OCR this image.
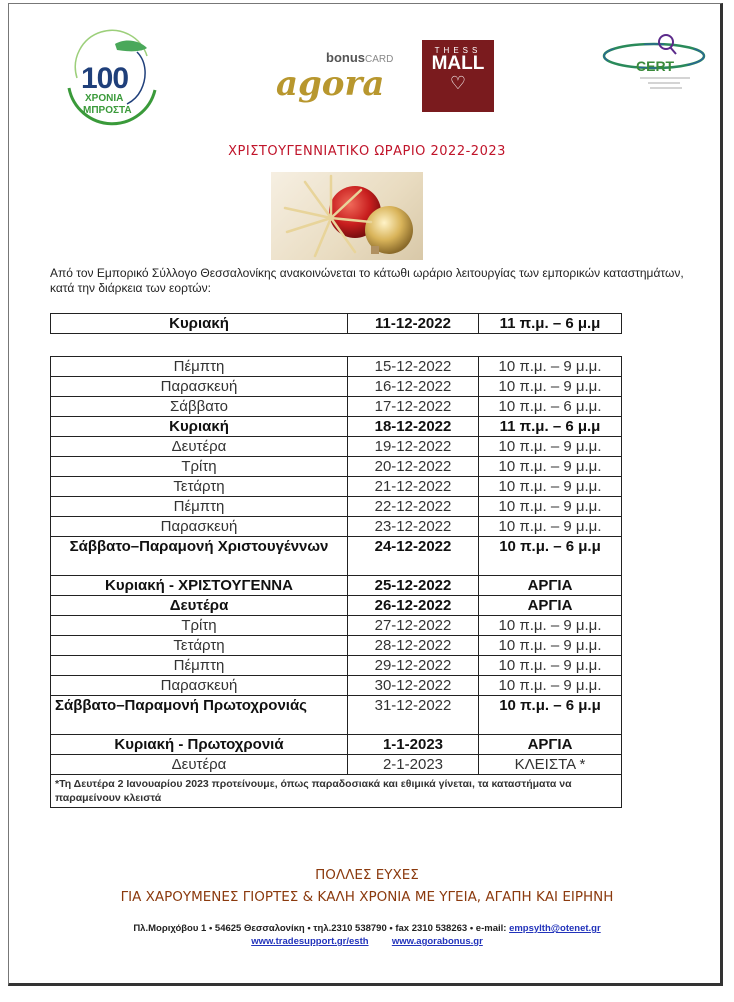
100
ΧΡΟΝΙΑ
ΜΠΡΟΣΤΑ
bonusCARD
agora
THESS
MALL
♡
CERT
ΧΡΙΣΤΟΥΓΕΝΝΙΑΤΙΚΟ ΩΡΑΡΙΟ 2022-2023
Από τον Εμπορικό Σύλλογο Θεσσαλονίκης ανακοινώνεται το κάτωθι ωράριο λειτουργίας των εμπορικών καταστημάτων, κατά την διάρκεια των εορτών:
Κυριακή	11-12-2022	11 π.μ. – 6 μ.μ
Πέμπτη	15-12-2022	10 π.μ. – 9 μ.μ.
Παρασκευή	16-12-2022	10 π.μ. – 9 μ.μ.
Σάββατο	17-12-2022	10 π.μ. – 6 μ.μ.
Κυριακή	18-12-2022	11 π.μ. – 6 μ.μ
Δευτέρα	19-12-2022	10 π.μ. – 9 μ.μ.
Τρίτη	20-12-2022	10 π.μ. – 9 μ.μ.
Τετάρτη	21-12-2022	10 π.μ. – 9 μ.μ.
Πέμπτη	22-12-2022	10 π.μ. – 9 μ.μ.
Παρασκευή	23-12-2022	10 π.μ. – 9 μ.μ.
Σάββατο–Παραμονή Χριστουγέννων	24-12-2022	10 π.μ. – 6 μ.μ
Κυριακή - ΧΡΙΣΤΟΥΓΕΝΝΑ	25-12-2022	ΑΡΓΙΑ
Δευτέρα	26-12-2022	ΑΡΓΙΑ
Τρίτη	27-12-2022	10 π.μ. – 9 μ.μ.
Τετάρτη	28-12-2022	10 π.μ. – 9 μ.μ.
Πέμπτη	29-12-2022	10 π.μ. – 9 μ.μ.
Παρασκευή	30-12-2022	10 π.μ. – 9 μ.μ.
Σάββατο–Παραμονή Πρωτοχρονιάς	31-12-2022	10 π.μ. – 6 μ.μ
Κυριακή - Πρωτοχρονιά	1-1-2023	ΑΡΓΙΑ
Δευτέρα	2-1-2023	ΚΛΕΙΣΤΑ *
*Τη Δευτέρα 2 Ιανουαρίου 2023 προτείνουμε, όπως παραδοσιακά και εθιμικά γίνεται, τα καταστήματα να παραμείνουν κλειστά		
ΠΟΛΛΕΣ ΕΥΧΕΣ
ΓΙΑ ΧΑΡΟΥΜΕΝΕΣ ΓΙΟΡΤΕΣ & ΚΑΛΗ ΧΡΟΝΙΑ ΜΕ ΥΓΕΙΑ, ΑΓΑΠΗ ΚΑΙ ΕΙΡΗΝΗ
Πλ.Μοριχόβου 1 • 54625 Θεσσαλονίκη • τηλ.2310 538790 • fax 2310 538263 • e-mail: empsylth@otenet.gr
www.tradesupport.gr/esth www.agorabonus.gr
